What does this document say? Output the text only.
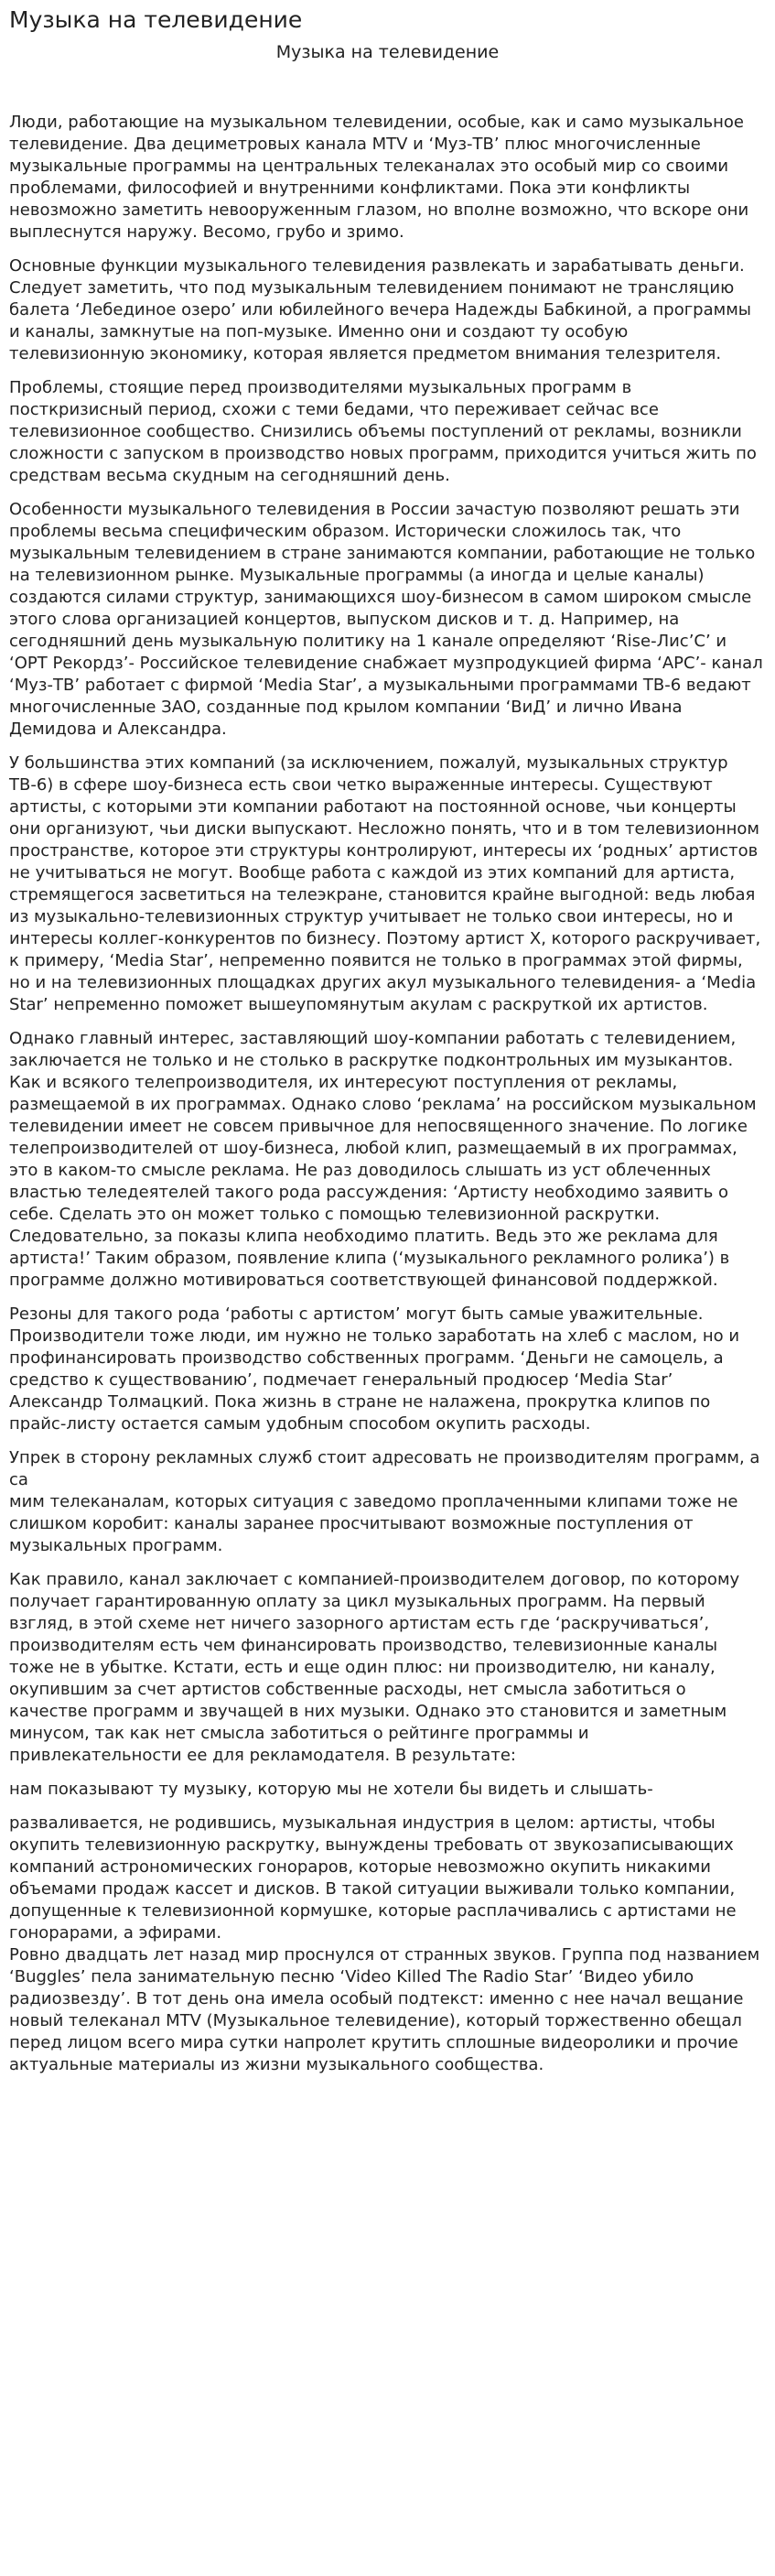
Музыка на телевидение
Музыка на телевидение

Люди, работающие на музыкальном телевидении, особые, как и само музыкальное телевидение. Два дециметровых канала MTV и ‘Муз-ТВ’ плюс многочисленные музыкальные программы на центральных телеканалах это особый мир со своими проблемами, философией и внутренними конфликтами. Пока эти конфликты невозможно заметить невооруженным глазом, но вполне возможно, что вскоре они выплеснутся наружу. Весомо, грубо и зримо.

Основные функции музыкального телевидения развлекать и зарабатывать деньги. Следует заметить, что под музыкальным телевидением понимают не трансляцию балета ‘Лебединое озеро’ или юбилейного вечера Надежды Бабкиной, а программы и каналы, замкнутые на поп-музыке. Именно они и создают ту особую телевизионную экономику, которая является предметом внимания телезрителя.

Проблемы, стоящие перед производителями музыкальных программ в посткризисный период, схожи с теми бедами, что переживает сейчас все телевизионное сообщество. Снизились объемы поступлений от рекламы, возникли сложности с запуском в производство новых программ, приходится учиться жить по средствам весьма скудным на сегодняшний день.

Особенности музыкального телевидения в России зачастую позволяют решать эти проблемы весьма специфическим образом. Исторически сложилось так, что музыкальным телевидением в стране занимаются компании, работающие не только на телевизионном рынке. Музыкальные программы (а иногда и целые каналы) создаются силами структур, занимающихся шоу-бизнесом в самом широком смысле этого слова организацией концертов, выпуском дисков и т. д. Например, на сегодняшний день музыкальную политику на 1 канале определяют ‘Rise-Лис’С’ и ‘ОРТ Рекордз’- Российское телевидение снабжает музпродукцией фирма ‘АРС’- канал ‘Муз-ТВ’ работает с фирмой ‘Media Star’, а музыкальными программами ТВ-6 ведают многочисленные ЗАО, созданные под крылом компании ‘ВиД’ и лично Ивана Демидова и Александра.

У большинства этих компаний (за исключением, пожалуй, музыкальных структур ТВ-6) в сфере шоу-бизнеса есть свои четко выраженные интересы. Существуют артисты, с которыми эти компании работают на постоянной основе, чьи концерты они организуют, чьи диски выпускают. Несложно понять, что и в том телевизионном пространстве, которое эти структуры контролируют, интересы их ‘родных’ артистов не учитываться не могут. Вообще работа с каждой из этих компаний для артиста, стремящегося засветиться на телеэкране, становится крайне выгодной: ведь любая из музыкально-телевизионных структур учитывает не только свои интересы, но и интересы коллег-конкурентов по бизнесу. Поэтому артист X, которого раскручивает, к примеру, ‘Media Star’, непременно появится не только в программах этой фирмы, но и на телевизионных площадках других акул музыкального телевидения- а ‘Media Star’ непременно поможет вышеупомянутым акулам с раскруткой их артистов.

Однако главный интерес, заставляющий шоу-компании работать с телевидением, заключается не только и не столько в раскрутке подконтрольных им музыкантов. Как и всякого телепроизводителя, их интересуют поступления от рекламы, размещаемой в их программах. Однако слово ‘реклама’ на российском музыкальном телевидении имеет не совсем привычное для непосвященного значение. По логике телепроизводителей от шоу-бизнеса, любой клип, размещаемый в их программах, это в каком-то смысле реклама. Не раз доводилось слышать из уст облеченных властью теледеятелей такого рода рассуждения: ‘Артисту необходимо заявить о себе. Сделать это он может только с помощью телевизионной раскрутки. Следовательно, за показы клипа необходимо платить. Ведь это же реклама для артиста!’ Таким образом, появление клипа (‘музыкального рекламного ролика’) в программе должно мотивироваться соответствующей финансовой поддержкой.

Резоны для такого рода ‘работы с артистом’ могут быть самые уважительные. Производители тоже люди, им нужно не только заработать на хлеб с маслом, но и профинансировать производство собственных программ. ‘Деньги не самоцель, а средство к существованию’, подмечает генеральный продюсер ‘Media Star’ Александр Толмацкий. Пока жизнь в стране не налажена, прокрутка клипов по прайс-листу остается самым удобным способом окупить расходы.

Упрек в сторону рекламных служб стоит адресовать не производителям программ, а са
мим телеканалам, которых ситуация с заведомо проплаченными клипами тоже не слишком коробит: каналы заранее просчитывают возможные поступления от музыкальных программ.

Как правило, канал заключает с компанией-производителем договор, по которому получает гарантированную оплату за цикл музыкальных программ. На первый взгляд, в этой схеме нет ничего зазорного артистам есть где ‘раскручиваться’, производителям есть чем финансировать производство, телевизионные каналы тоже не в убытке. Кстати, есть и еще один плюс: ни производителю, ни каналу, окупившим за счет артистов собственные расходы, нет смысла заботиться о качестве программ и звучащей в них музыки. Однако это становится и заметным минусом, так как нет смысла заботиться о рейтинге программы и привлекательности ее для рекламодателя. В результате:

нам показывают ту музыку, которую мы не хотели бы видеть и слышать-

разваливается, не родившись, музыкальная индустрия в целом: артисты, чтобы окупить телевизионную раскрутку, вынуждены требовать от звукозаписывающих компаний астрономических гонораров, которые невозможно окупить никакими объемами продаж кассет и дисков. В такой ситуации выживали только компании, допущенные к телевизионной кормушке, которые расплачивались с артистами не гонорарами, а эфирами.
Ровно двадцать лет назад мир проснулся от странных звуков. Группа под названием ‘Buggles’ пела занимательную песню ‘Video Killed The Radio Star’ ‘Видео убило радиозвезду’. В тот день она имела особый подтекст: именно с нее начал вещание новый телеканал MTV (Музыкальное телевидение), который торжественно обещал перед лицом всего мира сутки напролет крутить сплошные видеоролики и прочие актуальные материалы из жизни музыкального сообщества.
